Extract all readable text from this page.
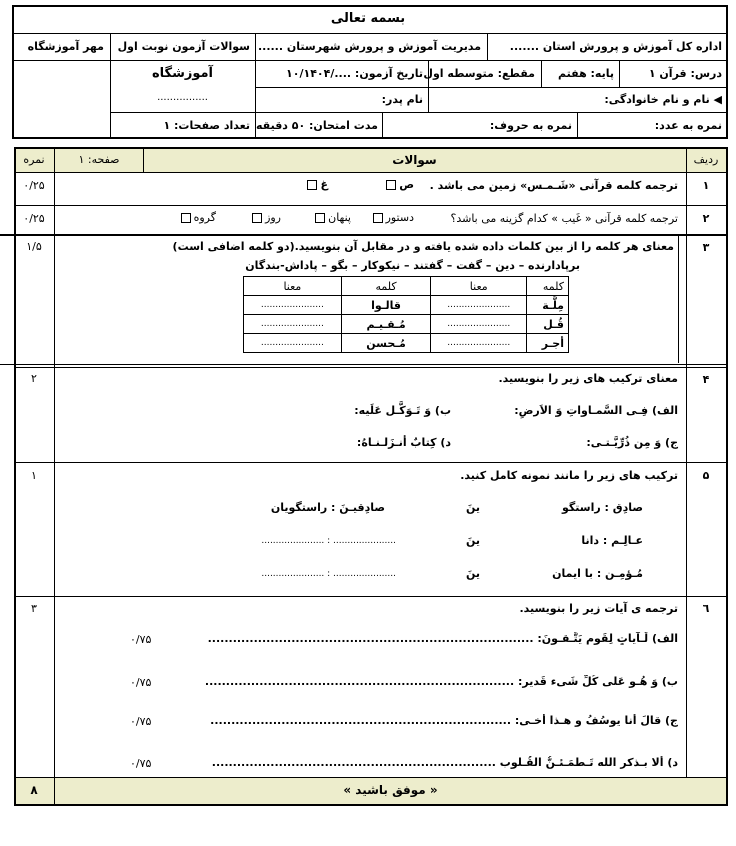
بسمه تعالی
اداره کل آموزش و پرورش استان .......
مدیریت آموزش و پرورش شهرستان ......
سوالات آزمون نوبت اول
مهر آموزشگاه
درس: قرآن ۱
پایه: هفتم
مقطع: متوسطه اول
تاریخ آزمون: ..../۱۰/۱۴۰۴
آموزشگاه
................	◀ نام و نام خانوادگی:
نام پدر:
نمره به عدد:
نمره به حروف:
مدت امتحان: ۵۰ دقیقه
تعداد صفحات: ۱
ردیف
سوالات
صفحه: ۱
نمره
۱
۰/۲۵	ترجمه کلمه قرآنی «شَـمـس» زمین می باشد .
ص
غ
۲
۰/۲۵	ترجمه کلمه قرآنی « غَیب » کدام گزینه می باشد؟
دستور
پنهان
روز
گروه
۳
۱/۵	معنای هر کلمه را از بین کلمات داده شده یافته و در مقابل آن بنویسید.(دو کلمه اضافی است)
برپادارنده – دین – گفت – گفتند – نیکوکار – بگو – پاداش-بندگان
کلمه	معنا	کلمه	معنا
مِلَّـة	......................	قالـوا	......................
قُـل	......................	مُـقـیـم	......................
أجـر	......................	مُـحسن	......................
۴
۲	معنای ترکیب های زیر را بنویسید.
الف) فِـی السَّمـاواتِ وَ الاَرضِ:
ب) وَ تَـوَکَّـل عَلَیه:
ج) وَ مِن ذُرِّیَّـتـی:
د) کِتابٌ أنـزَلـنـاهُ:
۵
۱	ترکیب های زیر را مانند نمونه کامل کنید.
صادِق : راستگو
ینَ
صادِقیـنَ : راستگویان
عـالِـم : دانا
ینَ
...................... : ......................
مُـؤمِـن : با ایمان
ینَ
...................... : ......................
٦
۳	ترجمه ی آیات زیر را بنویسید.
الف) لَـآیاتٍ لِقَومٍ یَتَّـقـونَ: ..............................................................................
۰/۷۵
ب) وَ هُـو عَلی کُلِّ شَیء قَدیر: ..........................................................................
۰/۷۵
ج) قالَ أنا یوسُفُ و هـذا أخـی: ........................................................................
۰/۷۵
د) ألا بـذکرِ الله تَـطمَـئـنُّ القُـلوب ....................................................................
۰/۷۵
« موفق باشید »
۸
